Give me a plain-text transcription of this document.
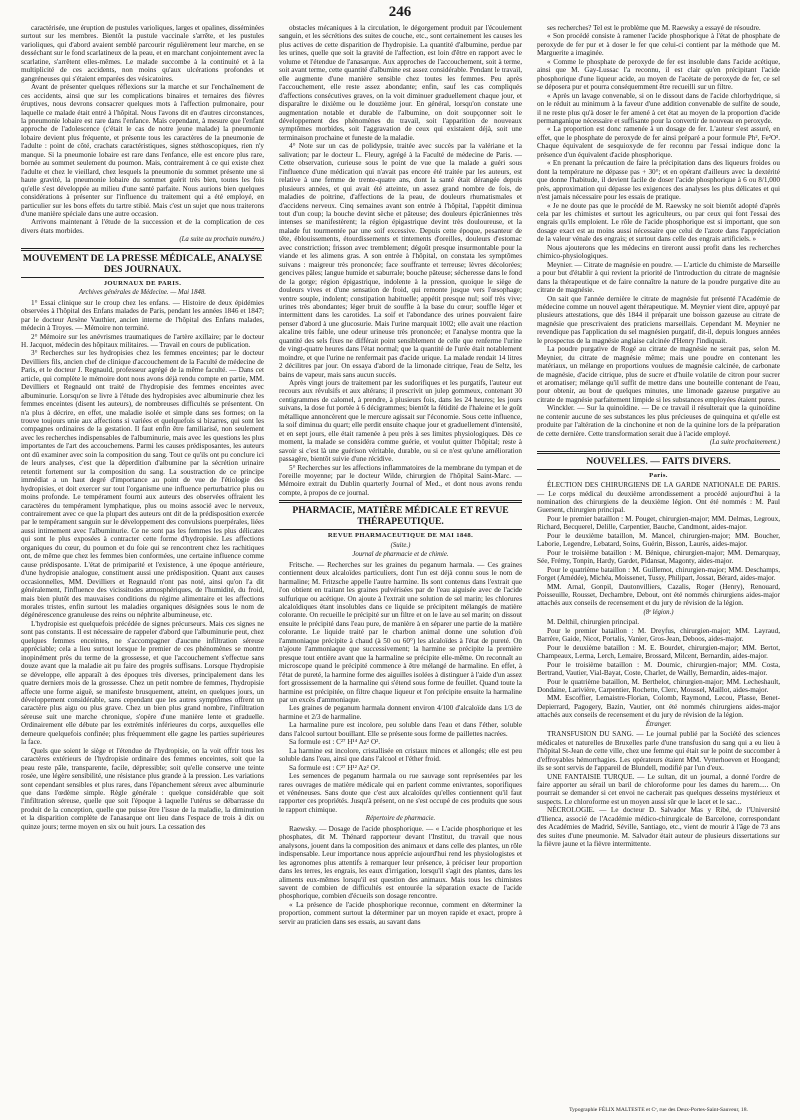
246

caractérisée, une éruption de pustules varioliques, larges et opalines, disséminées surtout sur les membres. Bientôt la pustule vaccinale s'arrête, et les pustules varioliques, qui d'abord avaient semblé parcourir régulièrement leur marche, en se desséchant sur le fond scarlatineux de la peau, et en marchant conjointement avec la scarlatine, s'arrêtent elles-mêmes. Le malade succombe à la continuité et à la multiplicité de ces accidents, non moins qu'aux ulcérations profondes et gangréneuses qui s'étaient emparées des vésicatoires.

Avant de présenter quelques réflexions sur la marche et sur l'enchaînement de ces accidents, ainsi que sur les complications binaires et ternaires des fièvres éruptives, nous devrons consacrer quelques mots à l'affection pulmonaire, pour laquelle ce malade était entré à l'hôpital. Nous l'avons dit en d'autres circonstances, la pneumonie lobaire est rare dans l'enfance. Mais cependant, à mesure que l'enfant approche de l'adolescence (c'était le cas de notre jeune malade) la pneumonie lobaire devient plus fréquente, et présente tous les caractères de la pneumonie de l'adulte : point de côté, crachats caractéristiques, signes stéthoscopiques, rien n'y manque. Si la pneumonie lobaire est rare dans l'enfance, elle est encore plus rare, bornée au sommet seulement du poumon. Mais, contrairement à ce qui existe chez l'adulte et chez le vieillard, chez lesquels la pneumonie du sommet présente une si haute gravité, la pneumonie lobaire du sommet guérit très bien, toutes les fois qu'elle s'est développée au milieu d'une santé parfaite. Nous aurions bien quelques considérations à présenter sur l'influence du traitement qui a été employé, en particulier sur les bons effets du tartre stibié. Mais c'est un sujet que nous traiterons d'une manière spéciale dans une autre occasion.

Arrivons maintenant à l'étude de la succession et de la complication de ces divers états morbides.

(La suite au prochain numéro.)
MOUVEMENT DE LA PRESSE MÉDICALE, ANALYSE DES JOURNAUX.
JOURNAUX DE PARIS.
Archives générales de Médecine. — Mai 1848.

1° Essai clinique sur le croup chez les enfans. — Histoire de deux épidémies observées à l'hôpital des Enfans malades de Paris, pendant les années 1846 et 1847; par le docteur Arsène Vauthier, ancien interne de l'hôpital des Enfans malades, médecin à Troyes. — Mémoire non terminé.

2° Mémoire sur les anévrismes traumatiques de l'artère axillaire; par le docteur H. Jacquot, médecin des hôpitaux militaires. — Travail en cours de publication.

3° Recherches sur les hydropisies chez les femmes enceintes; par le docteur Devilliers fils, ancien chef de clinique d'accouchement de la Faculté de médecine de Paris, et le docteur J. Regnauld, professeur agrégé de la même faculté. — Dans cet article, qui complète le mémoire dont nous avons déjà rendu compte en partie, MM. Devilliers et Regnauld ont traité de l'hydropisie des femmes enceintes avec albuminurie. Lorsqu'on se livre à l'étude des hydropisies avec albuminurie chez les femmes enceintes (disent les auteurs), de nombreuses difficultés se présentent. On n'a plus à décrire, en effet, une maladie isolée et simple dans ses formes; on la trouve toujours unie aux affections si variées et quelquefois si bizarres, qui sont les compagnes ordinaires de la gestation. Il faut enfin être familiarisé, non seulement avec les recherches indispensables de l'albuminurie, mais avec les questions les plus importantes de l'art des accouchemens. Parmi les causes prédisposantes, les auteurs ont dû examiner avec soin la composition du sang. Tout ce qu'ils ont pu conclure ici de leurs analyses, c'est que la déperdition d'albumine par la sécrétion urinaire retentit fortement sur la composition du sang. La soustraction de ce principe immédiat a un haut degré d'importance au point de vue de l'étiologie des hydropisies, et doit exercer sur tout l'organisme une influence perturbatrice plus ou moins profonde. Le tempérament fourni aux auteurs des observées offraient les caractères du tempérament lymphatique, plus ou moins associé avec le nerveux, contrairement avec ce que la plupart des auteurs ont dit de la prédisposition exercée par le tempérament sanguin sur le développement des convulsions puerpérales, liées aussi intimement avec l'albuminurie. Ce ne sont pas les femmes les plus délicates qui sont le plus exposées à contracter cette forme d'hydropisie. Les affections organiques du cœur, du poumon et du foie qui se rencontrent chez les rachitiques ont, de même que chez les femmes bien conformées, une certaine influence comme cause prédisposante. L'état de primiparité et l'existence, à une époque antérieure, d'une hydropisie analogue, constituent aussi une prédisposition. Quant aux causes occasionnelles, MM. Devilliers et Regnauld n'ont pas noté, ainsi qu'on l'a dit généralement, l'influence des vicissitudes atmosphériques, de l'humidité, du froid, mais bien plutôt des mauvaises conditions du régime alimentaire et les affections morales tristes, enfin surtout les maladies organiques désignées sous le nom de dégénérescence granuleuse des reins ou néphrite albumineuse, etc.

L'hydropisie est quelquefois précédée de signes précurseurs. Mais ces signes ne sont pas constants. Il est nécessaire de rappeler d'abord que l'albuminurie peut, chez quelques femmes enceintes, ne s'accompagner d'aucune infiltration séreuse appréciable; cela a lieu surtout lorsque le premier de ces phénomènes se montre inopinément près du terme de la grossesse, et que l'accouchement s'effectue sans douze avant que la maladie ait pu faire des progrès suffisans. Lorsque l'hydropisie se développe, elle apparaît à des époques très diverses, principalement dans les quatre derniers mois de la grossesse. Chez un petit nombre de femmes, l'hydropisie affecte une forme aiguë, se manifeste brusquement, atteint, en quelques jours, un développement considérable, sans cependant que les autres symptômes offrent un caractère plus aigu ou plus grave. Chez un bien plus grand nombre, l'infiltration séreuse suit une marche chronique, s'opère d'une manière lente et graduelle. Ordinairement elle débute par les extrémités inférieures du corps, auxquelles elle demeure quelquefois confinée; plus fréquemment elle gagne les parties supérieures la face.

Quels que soient le siège et l'étendue de l'hydropisie, on la voit offrir tous les caractères extérieurs de l'hydropisie ordinaire des femmes enceintes, soit que la peau reste pâle, transparente, facile, dépressible; soit qu'elle conserve une teinte rosée, une légère sensibilité, une résistance plus grande à la pression. Les variations sont cependant sensibles et plus rares, dans l'épanchement séreux avec albuminurie que dans l'œdème simple. Règle générale : quelque considérable que soit l'infiltration séreuse, quelle que soit l'époque à laquelle l'utérus se débarrasse du produit de la conception, quelle que puisse être l'issue de la maladie, la diminution et la disparition complète de l'anasarque ont lieu dans l'espace de trois à dix ou quinze jours; terme moyen en six ou huit jours. La cessation des

obstacles mécaniques à la circulation, le dégorgement produit par l'écoulement sanguin, et les sécrétions des suites de couche, etc., sont certainement les causes les plus actives de cette disparition de l'hydropisie. La quantité d'albumine, perdue par les urines, quelle que soit la gravité de l'affection, est loin d'être en rapport avec le volume et l'étendue de l'anasarque. Aux approches de l'accouchement, soit à terme, soit avant terme, cette quantité d'albumine est assez considérable. Pendant le travail, elle augmente d'une manière sensible chez toutes les femmes. Peu après l'accouchement, elle reste assez abondante; enfin, sauf les cas compliqués d'affections consécutives graves, on la voit diminuer graduellement chaque jour, et disparaître le dixième ou le douzième jour. En général, lorsqu'on constate une augmentation notable et durable de l'albumine, on doit soupçonner soit le développement des phénomènes du travail, soit l'apparition de nouveaux symptômes morbides, soit l'aggravation de ceux qui existaient déjà, soit une terminaison prochaine et funeste de la maladie.

4° Note sur un cas de polidypsie, traitée avec succès par la valériane et la salivation; par le docteur L. Fleury, agrégé à la Faculté de médecine de Paris. — Cette observation, curieuse sous le point de vue que la malade a guéri sous l'influence d'une médication qui n'avait pas encore été traitée par les auteurs, est relative à une femme de trente-quatre ans, dont la santé était dérangée depuis plusieurs années, et qui avait été atteinte, un assez grand nombre de fois, de maladies de poitrine, d'affections de la peau, de douleurs rhumatismales et d'accidens nerveux. Cinq semaines avant son entrée à l'hôpital, l'appétit diminua tout d'un coup; la bouche devint sèche et pâteuse; des douleurs épicrâniennes très intenses se manifestèrent; la région épigastrique devint très douloureuse, et la malade fut tourmentée par une soif excessive. Depuis cette époque, pesanteur de tête, éblouissements, étourdissements et tintements d'oreilles, douleurs d'estomac avec constriction; frisson avec tremblement; dégoût presque insurmontable pour la viande et les alimens gras. A son entrée à l'hôpital, on constata les symptômes suivans : maigreur très prononcée; face souffrante et terreuse; lèvres décolorées; gencives pâles; langue humide et saburrale; bouche pâteuse; sécheresse dans le fond de la gorge; région épigastrique, indolente à la pression, quoique le siège de douleurs vives et d'une sensation de froid, qui remonte jusque vers l'œsophage; ventre souple, indolent; constipation habituelle; appétit presque nul; soif très vive; urines très abondantes; léger bruit de souffle à la base du cœur; souffle léger et intermittent dans les carotides. La soif et l'abondance des urines pouvaient faire penser d'abord à une glucosurie. Mais l'urine marquait 1002; elle avait une réaction alcaline très faible, une odeur urineuse très prononcée; et l'analyse montra que la quantité des sels fixes ne différait point sensiblement de celle que renferme l'urine de vingt-quatre heures dans l'état normal; que la quantité de l'urée était notablement moindre, et que l'urine ne renfermait pas d'acide urique. La malade rendait 14 litres 2 décilitres par jour. On essaya d'abord de la limonade citrique, l'eau de Seltz, les bains de vapeur, mais sans aucun succès.

Après vingt jours de traitement par les sudorifiques et les purgatifs, l'auteur eut recours aux révulsifs et aux altérans; il prescrivit un julep gommeux, contenant 30 centigrammes de calomel, à prendre, à plusieurs fois, dans les 24 heures; les jours suivans, la dose fut portée à 6 décigrammes; bientôt la fétidité de l'haleine et le goût métallique annoncèrent que le mercure agissait sur l'économie. Sous cette influence, la soif diminua du quart; elle perdit ensuite chaque jour et graduellement d'intensité, et en sept jours, elle était ramenée à peu près à ses limites physiologiques. Dès ce moment, la malade se considéra comme guérie, et voulut quitter l'hôpital; reste à savoir si c'est là une guérison véritable, durable, ou si ce n'est qu'une amélioration passagère, bientôt suivie d'une récidive.

5° Recherches sur les affections inflammatoires de la membrane du tympan et de l'oreille moyenne; par le docteur Wilde, chirurgien de l'hôpital Saint-Marc. — Mémoire extrait du Dublin quarterly Journal of Med., et dont nous avons rendu compte, à propos de ce journal.

PHARMACIE, MATIÈRE MÉDICALE ET REVUE THÉRAPEUTIQUE.
REVUE PHARMACEUTIQUE DE MAI 1848.
(Suite.)
Journal de pharmacie et de chimie.

Fritsche. — Recherches sur les graines du peganum harmala. — Ces graines contiennent deux alcaloïdes particuliers, dont l'un est déjà connu sous le nom de harmaline; M. Fritzsche appelle l'autre harmine. Ils sont contenus dans l'extrait que l'on obtient en traitant les graines pulvérisées par de l'eau aiguisée avec de l'acide sulfurique ou acétique. On ajoute à l'extrait une solution de sel marin; les chlorures alcaloïdiques étant insolubles dans ce liquide se précipitent mélangés de matière colorante. On recueille le précipité sur un filtre et on le lave au sel marin; on dissout ensuite le précipité dans l'eau pure, de manière à en séparer une partie de la matière colorante. Le liquide traité par le charbon animal donne une solution d'où l'ammoniaque précipite à chaud (à 50 ou 60°) les alcaloïdes à l'état de pureté. On n'ajoute l'ammoniaque que successivement; la harmine se précipite la première presque tout entière avant que la harmaline se précipite elle-même. On reconnaît au microscope quand le précipité commence à être mélangé de harmaline. En effet, à l'état de pureté, la harmine forme des aiguilles isolées à distinguer à l'aide d'un assez fort grossissement de la harmaline qui s'étend sous forme de feuillet. Quand toute la harmine est précipitée, on filtre chaque liqueur et l'on précipite ensuite la harmaline par un excès d'ammoniaque.

Les graines de peganum harmala donnent environ 4/100 d'alcaloïde dans 1/3 de harmine et 2/3 de harmaline.

La harmaline pure est incolore, peu soluble dans l'eau et dans l'éther, soluble dans l'alcool surtout bouillant. Elle se présente sous forme de paillettes nacrées.

Sa formule est : C²⁷ H¹⁴ Az² O².

La harmine est incolore, cristallisée en cristaux minces et allongés; elle est peu soluble dans l'eau, ainsi que dans l'alcool et l'éther froid.

Sa formule est : C²⁷ H¹² Az² O².

Les semences de peganum harmala ou rue sauvage sont représentées par les rares ouvrages de matière médicale qui en parlent comme enivrantes, soporifiques et vénéneuses. Sans doute que c'est aux alcaloïdes qu'elles contiennent qu'il faut rapporter ces propriétés. Jusqu'à présent, on ne s'est occupé de ces produits que sous le rapport chimique.

Répertoire de pharmacie.

Raewsky. — Dosage de l'acide phosphorique. — « L'acide phosphorique et les phosphates, dit M. Thénard rapporteur devant l'Institut, du travail que nous analysons, jouent dans la composition des animaux et dans celle des plantes, un rôle indispensable. Leur importance nous apprécie aujourd'hui rend les physiologistes et les agronomes plus attentifs à remarquer leur présence, à préciser leur proportion dans les terres, les engrais, les eaux d'irrigation, lorsqu'il s'agit des plantes, dans les aliments eux-mêmes lorsqu'il est question des animaux. Mais tous les chimistes savent de combien de difficultés est entourée la séparation exacte de l'acide phosphorique, combien d'écueils son dosage rencontre.

« La présence de l'acide phosphorique reconnue, comment en déterminer la proportion, comment surtout la déterminer par un moyen rapide et exact, propre à servir au praticien dans ses essais, au savant dans

ses recherches? Tel est le problème que M. Raewsky a essayé de résoudre.

« Son procédé consiste à ramener l'acide phosphorique à l'état de phosphate de peroxyde de fer pur et à doser le fer que celui-ci contient par la méthode que M. Marguerite a imaginée.

« Comme le phosphate de peroxyde de fer est insoluble dans l'acide acétique, ainsi que M. Gay-Lussac l'a reconnu, il est clair qu'en précipitant l'acide phosphorique d'une liqueur acide, au moyen de l'acétate de peroxyde de fer, ce sel se déposera pur et pourra conséquemment être recueilli sur un filtre.

« Après un lavage convenable, si on le dissout dans de l'acide chlorhydrique, si on le réduit au minimum à la faveur d'une addition convenable de sulfite de soude, il ne reste plus qu'à doser le fer amené à cet état au moyen de la proportion d'acide permanganique nécessaire et suffisante pour la convertir de nouveau en peroxyde.

« La proportion est donc ramenée à un dosage de fer. L'auteur s'est assuré, en effet, que le phosphate de peroxyde de fer ainsi préparé a pour formule Ph², Fe²O³. Chaque équivalent de sesquioxyde de fer reconnu par l'essai indique donc la présence d'un équivalent d'acide phosphorique.

« En prenant la précaution de faire la précipitation dans des liqueurs froides ou dont la température ne dépasse pas + 30°; et en opérant d'ailleurs avec la dextérité que donne l'habitude, il devient facile de doser l'acide phosphorique à 6 ou 8/1,000 près, approximation qui dépasse les exigences des analyses les plus délicates et qui n'est jamais nécessaire pour les essais de pratique.

« Je ne doute pas que le procédé de M. Raewsky ne soit bientôt adopté d'après cela par les chimistes et surtout les agriculteurs, ou par ceux qui font l'essai des engrais qu'ils emploient. Le rôle de l'acide phosphorique est si important, que son dosage exact est au moins aussi nécessaire que celui de l'azote dans l'appréciation de la valeur vénale des engrais; et surtout dans celle des engrais artificiels. »

Nous ajouterons que les médecins en tireront aussi profit dans les recherches chimico-physiologiques.

Meynier. — Citrate de magnésie en poudre. — L'article du chimiste de Marseille a pour but d'établir à qui revient la priorité de l'introduction du citrate de magnésie dans la thérapeutique et de faire connaître la nature de la poudre purgative dite au citrate de magnésie.

On sait que l'année dernière le citrate de magnésie fut présenté l'Académie de médecine comme un nouvel agent thérapeutique. M. Meynier vient dire, appuyé par plusieurs attestations, que dès 1844 il préparait une boisson gazeuse au citrate de magnésie que prescrivaient des praticiens marseillais. Cependant M. Meynier ne revendique pas l'application du sel magnésien purgatif, dit-il, depuis longues années le prospectus de la magnésie anglaise calcinée d'Henry l'indiquait.

La poudre purgative de Rogé au citrate de magnésie ne serait pas, selon M. Meynier, du citrate de magnésie même; mais une poudre en contenant les matériaux, un mélange en proportions voulues de magnésie calcinée, de carbonate de magnésie, d'acide citrique, plus de sucre et d'huile volatile de citron pour sucrer et aromatiser; mélange qu'il suffit de mettre dans une bouteille contenant de l'eau, pour obtenir, au bout de quelques minutes, une limonade gazeuse purgative au citrate de magnésie parfaitement limpide si les substances employées étaient pures.

Winckler. — Sur la quinoïdine. — De ce travail il résulterait que la quinoïdine ne contenir aucune de ses substances les plus précieuses de quinquina et qu'elle est produite par l'altération de la cinchonine et non de la quinine lors de la préparation de cette dernière. Cette transformation serait due à l'acide employé.

(La suite prochainement.)
NOUVELLES. — FAITS DIVERS.
Paris.

ÉLECTION DES CHIRURGIENS DE LA GARDE NATIONALE DE PARIS. — Le corps médical du deuxième arrondissement a procédé aujourd'hui à la nomination des chirurgiens de la deuxième légion. Ont été nommés : M. Paul Guersent, chirurgien principal.

Pour le premier bataillon : M. Pouget, chirurgien-major; MM. Delmas, Legroux, Richard, Becquerel, Delille, Carpentier, Bauche, Candmont, aides-major.

Pour le deuxième bataillon, M. Mancel, chirurgien-major; MM. Boucher, Laborie, Legendre, Lebatard, Soins, Guérin, Bisson, Laurès, aides-major.

Pour le troisième bataillon : M. Bénique, chirurgien-major; MM. Demarquay, Sée, Frémy, Tonpin, Hardy, Gardet, Pidansat, Magonty, aides-major.

Pour le quatrième bataillon : M. Guillemot, chirurgien-major; MM. Deschamps, Forget (Amédée), Michéa, Moissenet, Tussy, Philipart, Jossat, Bérard, aides-major.

MM. Arnal, Gonpil, Dautonvilliers, Cazalis, Roger (Henry), Renouard, Poisseuille, Rousset, Dechambre, Debout, ont été nommés chirurgiens aides-major attachés aux conseils de recensement et du jury de révision de la légion.

(8ᵉ légion.)

M. Delthil, chirurgien principal.

Pour le premier bataillon : M. Dreyfus, chirurgien-major; MM. Layraud, Barrère, Gaide, Nicot, Portalis, Vanier, Gros-Jean, Deboos, aides-major.

Pour le deuxième bataillon : M. E. Bourdet, chirurgien-major; MM. Bertot, Champeaux, Lerma, Lerch, Lemaire, Brossard, Milcent, Bernardin, aides-major.

Pour le troisième bataillon : M. Doumic, chirurgien-major; MM. Costa, Bertrand, Vautier, Vial-Bayat, Coste, Charlet, de Wailly, Bernardin, aides-major.

Pour le quatrième bataillon, M. Berthelot, chirurgien-major; MM. Lecheshault, Dondaine, Larivière, Carpentier, Rochette, Clerc, Moussel, Maillot, aides-major.

MM. Escoffier, Lemaistre-Florian, Colomb, Raymond, Lecou, Plasse, Benet-Depierrard, Pagogery, Bazin, Vautier, ont été nommés chirurgiens aides-major attachés aux conseils de recensement et du jury de révision de la légion.

Étranger.

TRANSFUSION DU SANG. — Le journal publié par la Société des sciences médicales et naturelles de Bruxelles parle d'une transfusion du sang qui a eu lieu à l'hôpital St-Jean de cette ville, chez une femme qui était sur le point de succomber à d'effroyables hémorrhagies. Les opérateurs étaient MM. Vytterhoeven et Hoogand; ils se sont servis de l'appareil de Blundell, modifié par l'un d'eux.

UNE FANTAISIE TURQUE. — Le sultan, dit un journal, a donné l'ordre de faire apporter au sérail un baril de chloroforme pour les dames du harem..... On pourrait se demander si cet envoi ne cacherait pas quelques desseins mystérieux et suspects. Le chloroforme est un moyen aussi sûr que le lacet et le sac...

NÉCROLOGIE. — Le docteur D. Salvador Mas y Ribé, de l'Université d'Ilienca, associé de l'Académie médico-chirurgicale de Barcelone, correspondant des Académies de Madrid, Séville, Santiago, etc., vient de mourir à l'âge de 73 ans des suites d'une pneumonie. M. Salvador était auteur de plusieurs dissertations sur la fièvre jaune et la fièvre intermittente.

Typographie FÉLIX MALTESTE et Cᵉ, rue des Deux-Portes-Saint-Sauveur, 18.
